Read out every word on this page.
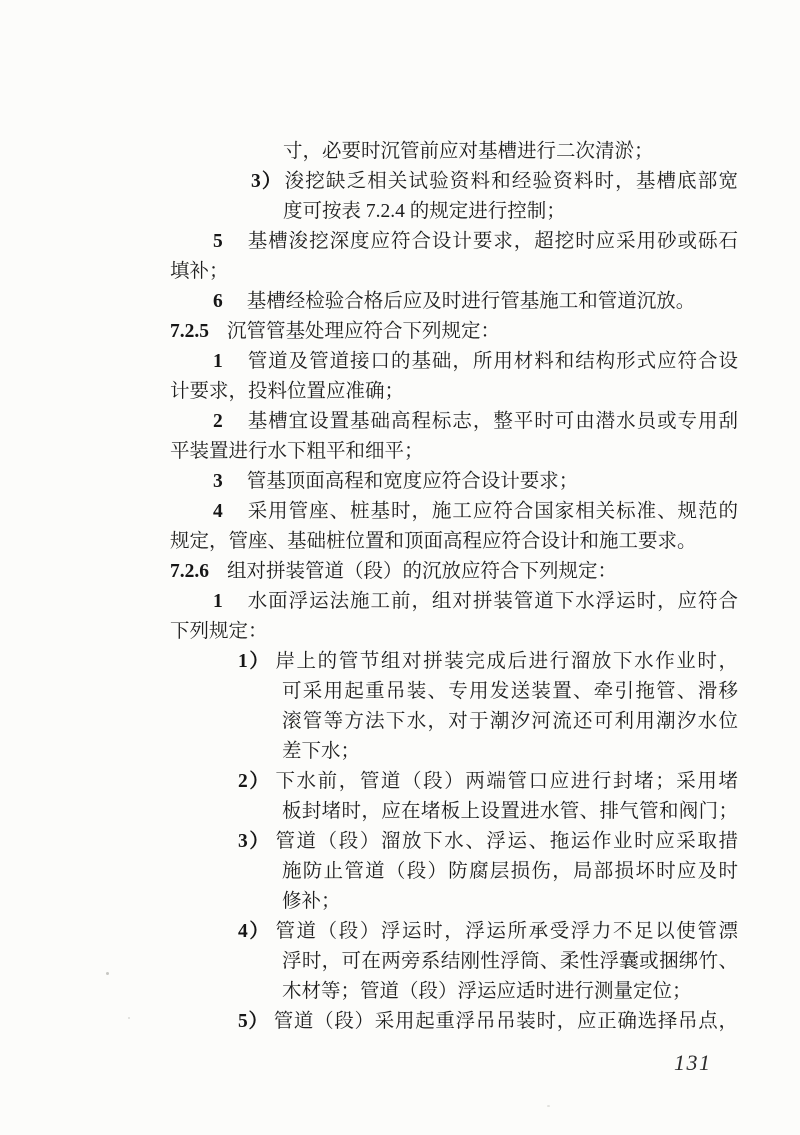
寸，必要时沉管前应对基槽进行二次清淤；
3） 浚挖缺乏相关试验资料和经验资料时，基槽底部宽
度可按表 7.2.4 的规定进行控制；
5 基槽浚挖深度应符合设计要求，超挖时应采用砂或砾石
填补；
6 基槽经检验合格后应及时进行管基施工和管道沉放。
7.2.5 沉管管基处理应符合下列规定：
1 管道及管道接口的基础，所用材料和结构形式应符合设
计要求，投料位置应准确；
2 基槽宜设置基础高程标志，整平时可由潜水员或专用刮
平装置进行水下粗平和细平；
3 管基顶面高程和宽度应符合设计要求；
4 采用管座、桩基时，施工应符合国家相关标准、规范的
规定，管座、基础桩位置和顶面高程应符合设计和施工要求。
7.2.6 组对拼装管道（段）的沉放应符合下列规定：
1 水面浮运法施工前，组对拼装管道下水浮运时，应符合
下列规定：
1） 岸上的管节组对拼装完成后进行溜放下水作业时，
可采用起重吊装、专用发送装置、牵引拖管、滑移
滚管等方法下水，对于潮汐河流还可利用潮汐水位
差下水；
2） 下水前，管道（段）两端管口应进行封堵；采用堵
板封堵时，应在堵板上设置进水管、排气管和阀门；
3） 管道（段）溜放下水、浮运、拖运作业时应采取措
施防止管道（段）防腐层损伤，局部损坏时应及时
修补；
4） 管道（段）浮运时，浮运所承受浮力不足以使管漂
浮时，可在两旁系结刚性浮筒、柔性浮囊或捆绑竹、
木材等；管道（段）浮运应适时进行测量定位；
5） 管道（段）采用起重浮吊吊装时，应正确选择吊点，
131
